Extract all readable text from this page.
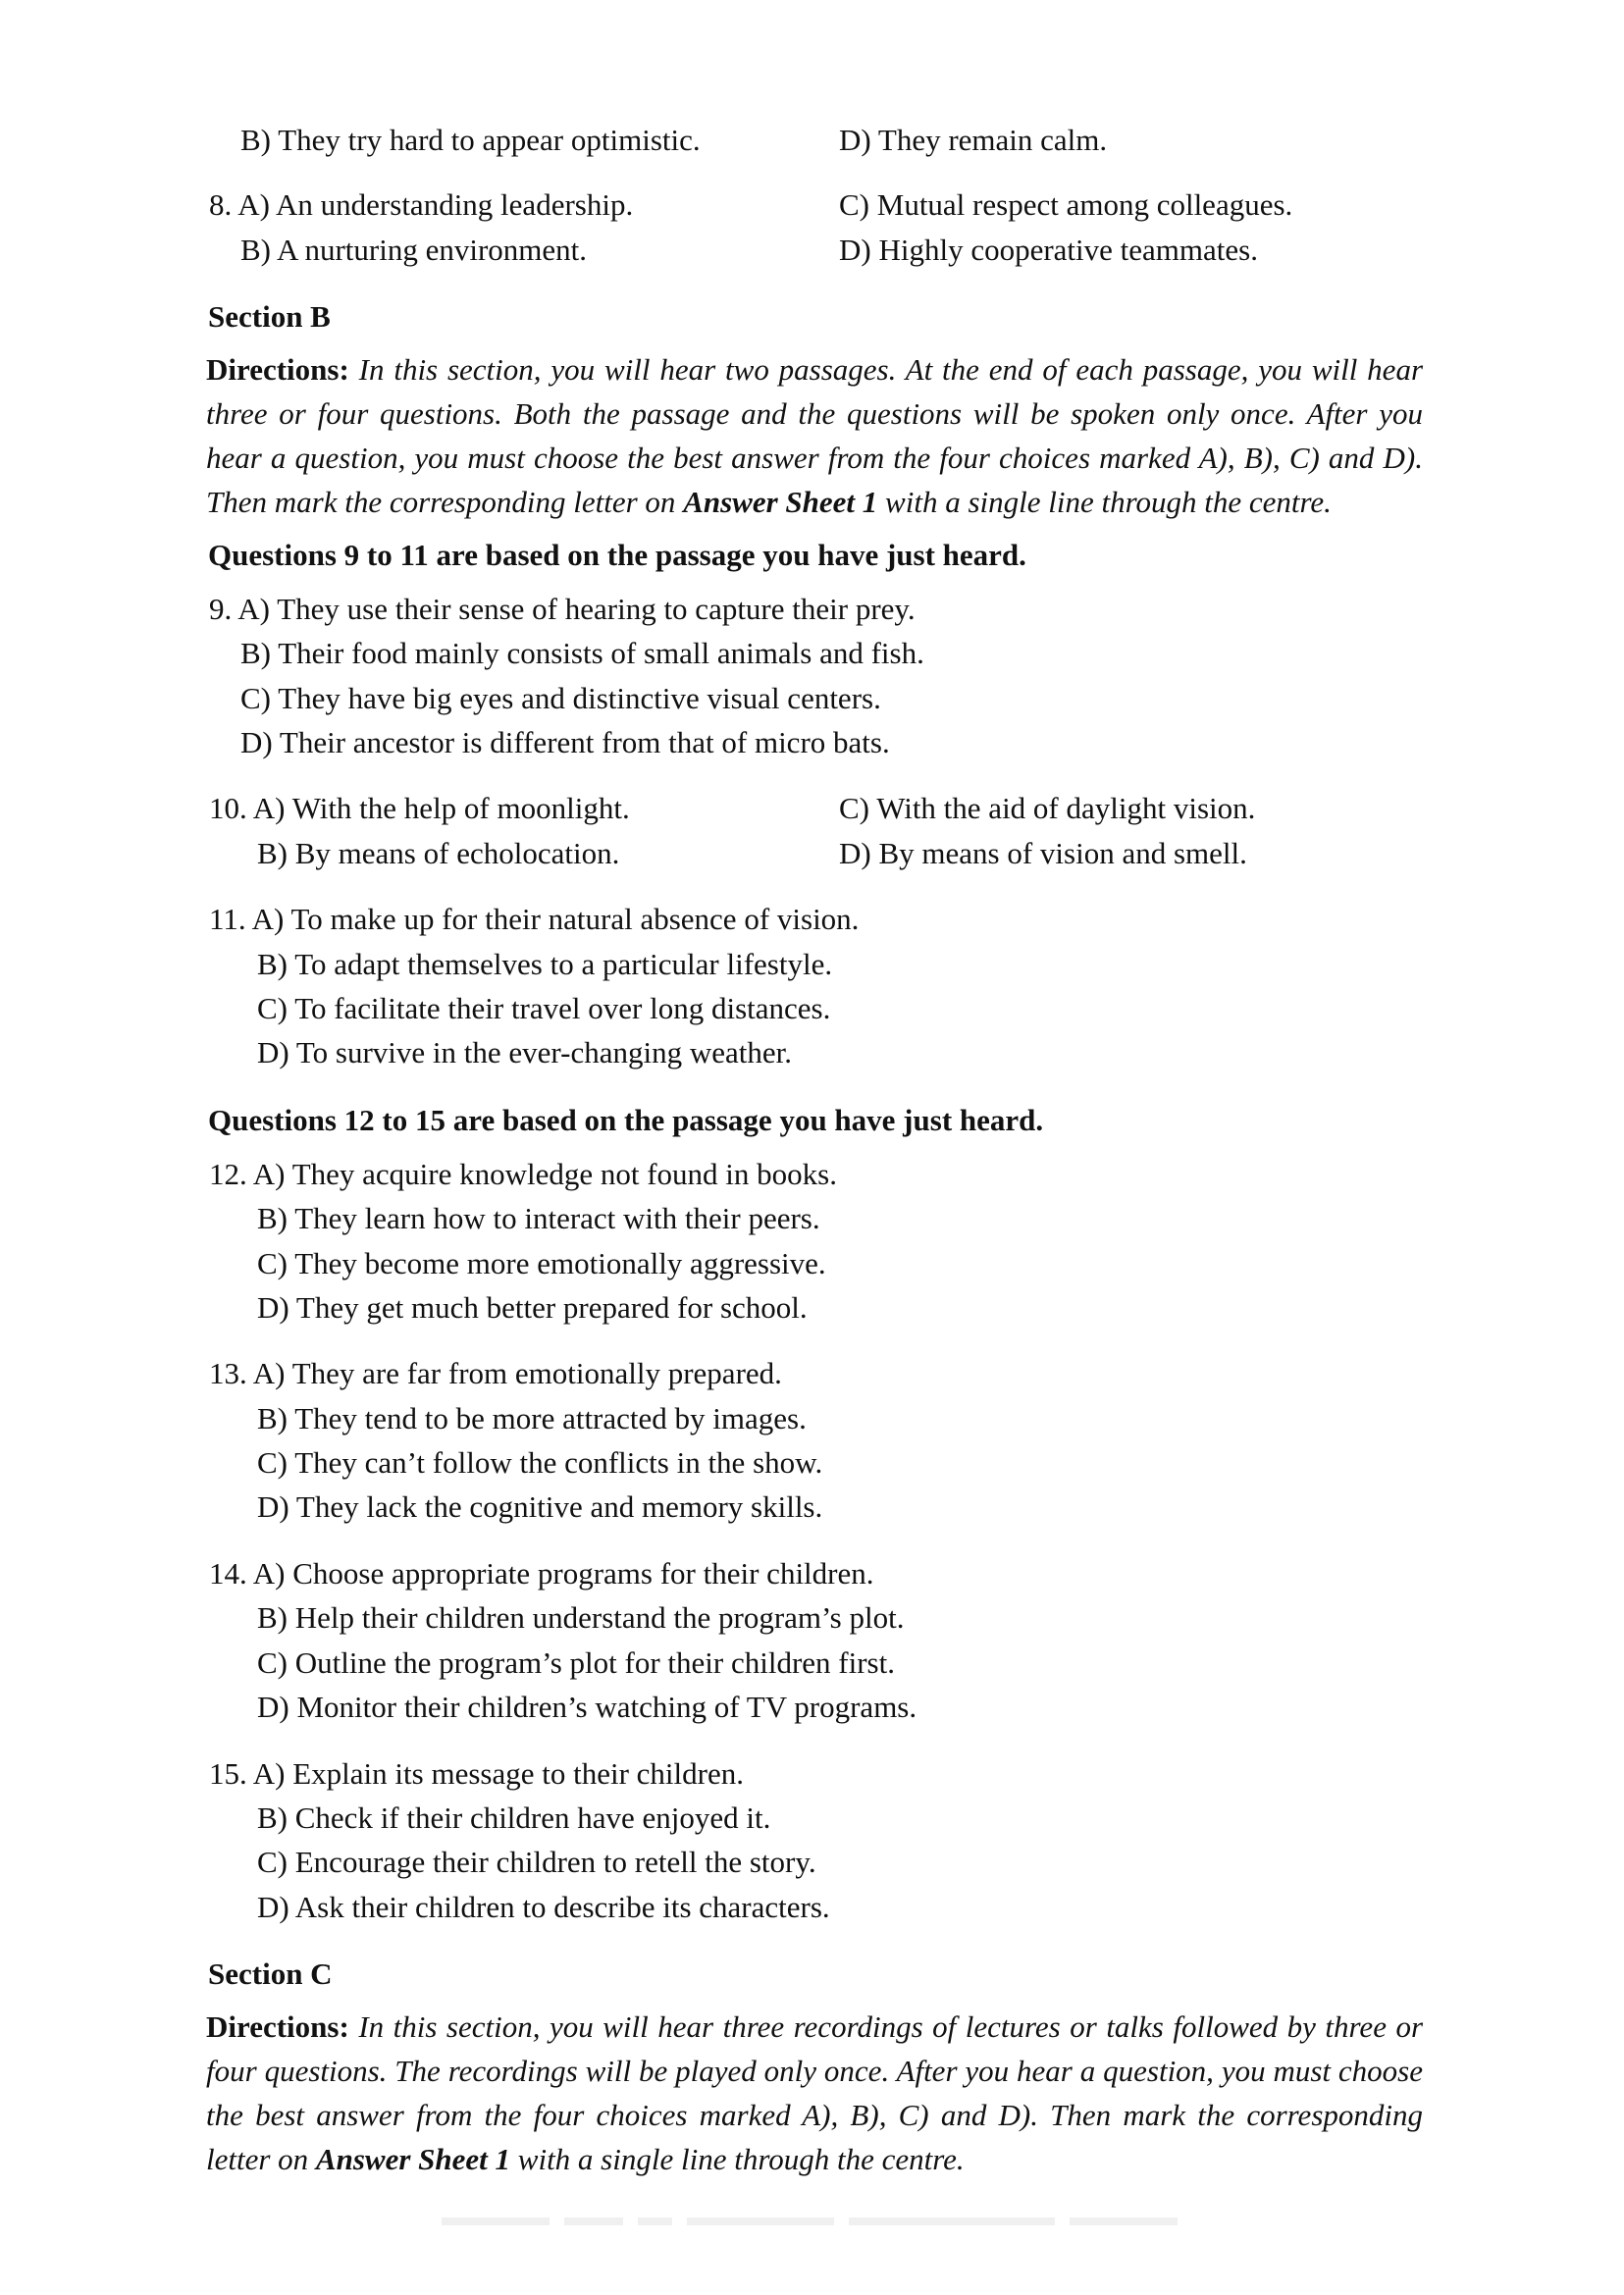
B) They try hard to appear optimistic.	D) They remain calm.
8. A) An understanding leadership.	C) Mutual respect among colleagues.
B) A nurturing environment.	D) Highly cooperative teammates.
Section B
Directions: In this section, you will hear two passages. At the end of each passage, you will hear three or four questions. Both the passage and the questions will be spoken only once. After you hear a question, you must choose the best answer from the four choices marked A), B), C) and D). Then mark the corresponding letter on Answer Sheet 1 with a single line through the centre.
Questions 9 to 11 are based on the passage you have just heard.
9. A) They use their sense of hearing to capture their prey.
B) Their food mainly consists of small animals and fish.
C) They have big eyes and distinctive visual centers.
D) Their ancestor is different from that of micro bats.
10. A) With the help of moonlight.	C) With the aid of daylight vision.
B) By means of echolocation.	D) By means of vision and smell.
11. A) To make up for their natural absence of vision.
B) To adapt themselves to a particular lifestyle.
C) To facilitate their travel over long distances.
D) To survive in the ever-changing weather.
Questions 12 to 15 are based on the passage you have just heard.
12. A) They acquire knowledge not found in books.
B) They learn how to interact with their peers.
C) They become more emotionally aggressive.
D) They get much better prepared for school.
13. A) They are far from emotionally prepared.
B) They tend to be more attracted by images.
C) They can’t follow the conflicts in the show.
D) They lack the cognitive and memory skills.
14. A) Choose appropriate programs for their children.
B) Help their children understand the program’s plot.
C) Outline the program’s plot for their children first.
D) Monitor their children’s watching of TV programs.
15. A) Explain its message to their children.
B) Check if their children have enjoyed it.
C) Encourage their children to retell the story.
D) Ask their children to describe its characters.
Section C
Directions: In this section, you will hear three recordings of lectures or talks followed by three or four questions. The recordings will be played only once. After you hear a question, you must choose the best answer from the four choices marked A), B), C) and D). Then mark the corresponding letter on Answer Sheet 1 with a single line through the centre.
